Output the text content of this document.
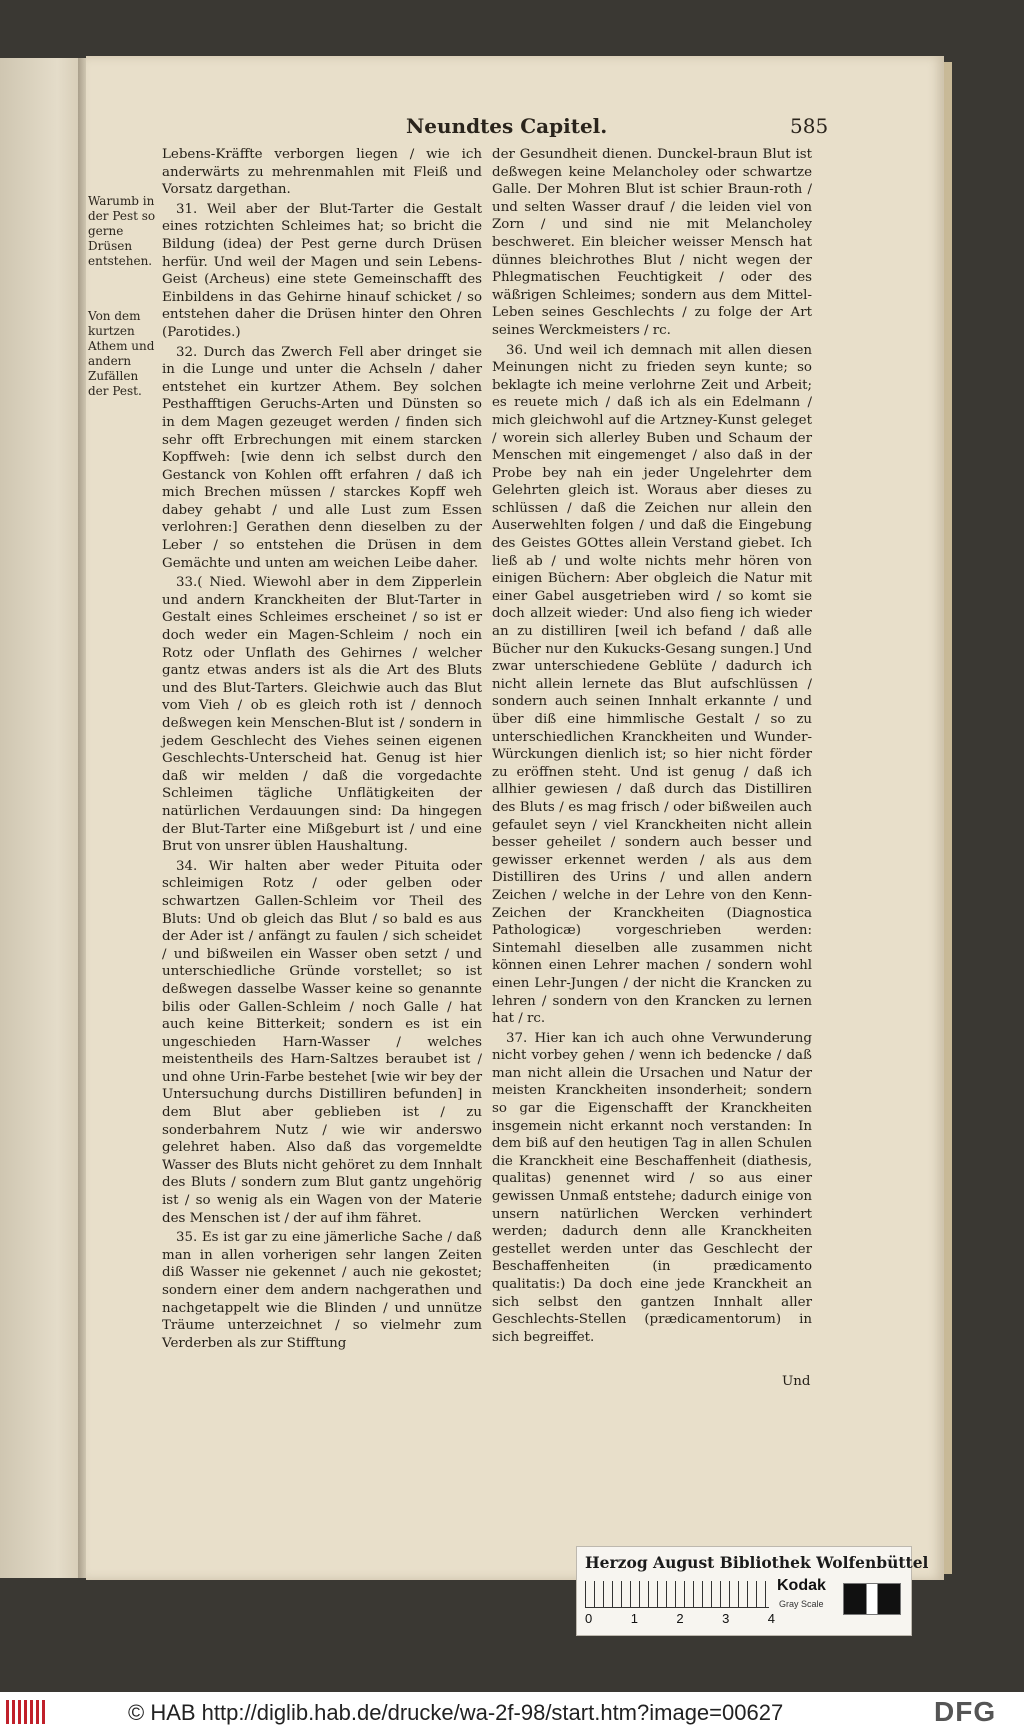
Neundtes Capitel.	585
Warumb in der Pest so gerne Drüsen entstehen.
Von dem kurtzen Athem und andern Zufällen der Pest.

Lebens-Kräffte verborgen liegen / wie ich anderwärts zu mehrenmahlen mit Fleiß und Vorsatz dargethan.

31. Weil aber der Blut-Tarter die Gestalt eines rotzichten Schleimes hat; so bricht die Bildung (idea) der Pest gerne durch Drüsen herfür. Und weil der Magen und sein Lebens-Geist (Archeus) eine stete Gemeinschafft des Einbildens in das Gehirne hinauf schicket / so entstehen daher die Drüsen hinter den Ohren (Parotides.)

32. Durch das Zwerch Fell aber dringet sie in die Lunge und unter die Achseln / daher entstehet ein kurtzer Athem. Bey solchen Pesthafftigen Geruchs-Arten und Dünsten so in dem Magen gezeuget werden / finden sich sehr offt Erbrechungen mit einem starcken Kopffweh: [wie denn ich selbst durch den Gestanck von Kohlen offt erfahren / daß ich mich Brechen müssen / starckes Kopff weh dabey gehabt / und alle Lust zum Essen verlohren:] Gerathen denn dieselben zu der Leber / so entstehen die Drüsen in dem Gemächte und unten am weichen Leibe daher.

33.( Nied. Wiewohl aber in dem Zipperlein und andern Kranckheiten der Blut-Tarter in Gestalt eines Schleimes erscheinet / so ist er doch weder ein Magen-Schleim / noch ein Rotz oder Unflath des Gehirnes / welcher gantz etwas anders ist als die Art des Bluts und des Blut-Tarters. Gleichwie auch das Blut vom Vieh / ob es gleich roth ist / dennoch deßwegen kein Menschen-Blut ist / sondern in jedem Geschlecht des Viehes seinen eigenen Geschlechts-Unterscheid hat. Genug ist hier daß wir melden / daß die vorgedachte Schleimen tägliche Unflätigkeiten der natürlichen Verdauungen sind: Da hingegen der Blut-Tarter eine Mißgeburt ist / und eine Brut von unsrer üblen Haushaltung.

34. Wir halten aber weder Pituita oder schleimigen Rotz / oder gelben oder schwartzen Gallen-Schleim vor Theil des Bluts: Und ob gleich das Blut / so bald es aus der Ader ist / anfängt zu faulen / sich scheidet / und bißweilen ein Wasser oben setzt / und unterschiedliche Gründe vorstellet; so ist deßwegen dasselbe Wasser keine so genannte bilis oder Gallen-Schleim / noch Galle / hat auch keine Bitterkeit; sondern es ist ein ungeschieden Harn-Wasser / welches meistentheils des Harn-Saltzes beraubet ist / und ohne Urin-Farbe bestehet [wie wir bey der Untersuchung durchs Distilliren befunden] in dem Blut aber geblieben ist / zu sonderbahrem Nutz / wie wir anderswo gelehret haben. Also daß das vorgemeldte Wasser des Bluts nicht gehöret zu dem Innhalt des Bluts / sondern zum Blut gantz ungehörig ist / so wenig als ein Wagen von der Materie des Menschen ist / der auf ihm fähret.

35. Es ist gar zu eine jämerliche Sache / daß man in allen vorherigen sehr langen Zeiten diß Wasser nie gekennet / auch nie gekostet; sondern einer dem andern nachgerathen und nachgetappelt wie die Blinden / und unnütze Träume unterzeichnet / so vielmehr zum Verderben als zur Stifftung

der Gesundheit dienen. Dunckel-braun Blut ist deßwegen keine Melancholey oder schwartze Galle. Der Mohren Blut ist schier Braun-roth / und selten Wasser drauf / die leiden viel von Zorn / und sind nie mit Melancholey beschweret. Ein bleicher weisser Mensch hat dünnes bleichrothes Blut / nicht wegen der Phlegmatischen Feuchtigkeit / oder des wäßrigen Schleimes; sondern aus dem Mittel-Leben seines Geschlechts / zu folge der Art seines Werckmeisters / rc.

36. Und weil ich demnach mit allen diesen Meinungen nicht zu frieden seyn kunte; so beklagte ich meine verlohrne Zeit und Arbeit; es reuete mich / daß ich als ein Edelmann / mich gleichwohl auf die Artzney-Kunst geleget / worein sich allerley Buben und Schaum der Menschen mit eingemenget / also daß in der Probe bey nah ein jeder Ungelehrter dem Gelehrten gleich ist. Woraus aber dieses zu schlüssen / daß die Zeichen nur allein den Auserwehlten folgen / und daß die Eingebung des Geistes GOttes allein Verstand giebet. Ich ließ ab / und wolte nichts mehr hören von einigen Büchern: Aber obgleich die Natur mit einer Gabel ausgetrieben wird / so komt sie doch allzeit wieder: Und also fieng ich wieder an zu distilliren [weil ich befand / daß alle Bücher nur den Kukucks-Gesang sungen.] Und zwar unterschiedene Geblüte / dadurch ich nicht allein lernete das Blut aufschlüssen / sondern auch seinen Innhalt erkannte / und über diß eine himmlische Gestalt / so zu unterschiedlichen Kranckheiten und Wunder-Würckungen dienlich ist; so hier nicht förder zu eröffnen steht. Und ist genug / daß ich allhier gewiesen / daß durch das Distilliren des Bluts / es mag frisch / oder bißweilen auch gefaulet seyn / viel Kranckheiten nicht allein besser geheilet / sondern auch besser und gewisser erkennet werden / als aus dem Distilliren des Urins / und allen andern Zeichen / welche in der Lehre von den Kenn-Zeichen der Kranckheiten (Diagnostica Pathologicæ) vorgeschrieben werden: Sintemahl dieselben alle zusammen nicht können einen Lehrer machen / sondern wohl einen Lehr-Jungen / der nicht die Krancken zu lehren / sondern von den Krancken zu lernen hat / rc.

37. Hier kan ich auch ohne Verwunderung nicht vorbey gehen / wenn ich bedencke / daß man nicht allein die Ursachen und Natur der meisten Kranckheiten insonderheit; sondern so gar die Eigenschafft der Kranckheiten insgemein nicht erkannt noch verstanden: In dem biß auf den heutigen Tag in allen Schulen die Kranckheit eine Beschaffenheit (diathesis, qualitas) genennet wird / so aus einer gewissen Unmaß entstehe; dadurch einige von unsern natürlichen Wercken verhindert werden; dadurch denn alle Kranckheiten gestellet werden unter das Geschlecht der Beschaffenheiten (in prædicamento qualitatis:) Da doch eine jede Kranckheit an sich selbst den gantzen Innhalt aller Geschlechts-Stellen (prædicamentorum) in sich begreiffet.

Und
Herzog August Bibliothek Wolfenbüttel
0	1	2	3	4
Kodak
Gray Scale
© HAB http://diglib.hab.de/drucke/wa-2f-98/start.htm?image=00627	DFG
